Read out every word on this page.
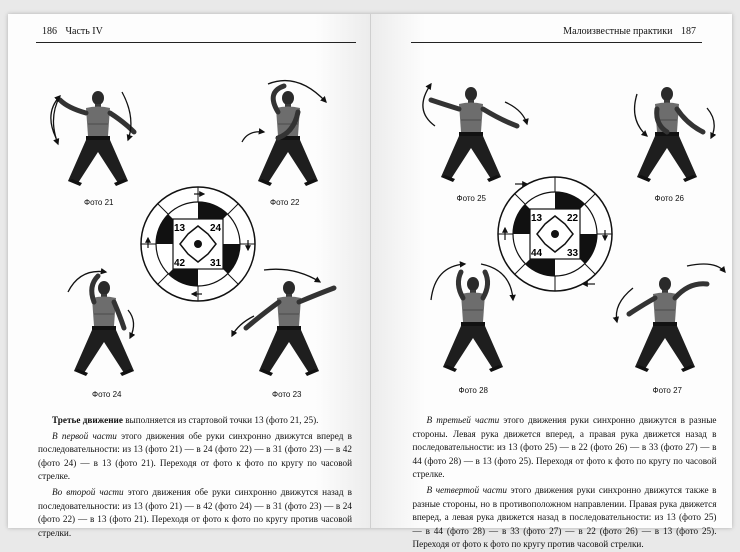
186 Часть IV
Фото 21	Фото 22
13 24
42 31
Фото 24	Фото 23

Третье движение выполняется из стартовой точки 13 (фото 21, 25).

В первой части этого движения обе руки синхронно движутся вперед в последовательности: из 13 (фото 21) — в 24 (фото 22) — в 31 (фото 23) — в 42 (фото 24) — в 13 (фото 21). Переходя от фото к фото по кругу по часовой стрелке.

Во второй части этого движения обе руки синхронно движутся назад в последовательности: из 13 (фото 21) — в 42 (фото 24) — в 31 (фото 23) — в 24 (фото 22) — в 13 (фото 21). Переходя от фото к фото по кругу против часовой стрелки.

Малоизвестные практики 187
Фото 25	Фото 26
13 22
44 33
Фото 28	Фото 27

В третьей части этого движения руки синхронно движутся в разные стороны. Левая рука движется вперед, а правая рука движется назад в последовательности: из 13 (фото 25) — в 22 (фото 26) — в 33 (фото 27) — в 44 (фото 28) — в 13 (фото 25). Переходя от фото к фото по кругу по часовой стрелке.

В четвертой части этого движения руки синхронно движутся также в разные стороны, но в противоположном направлении. Правая рука движется вперед, а левая рука движется назад в последовательности: из 13 (фото 25) — в 44 (фото 28) — в 33 (фото 27) — в 22 (фото 26) — в 13 (фото 25). Переходя от фото к фото по кругу против часовой стрелки.
